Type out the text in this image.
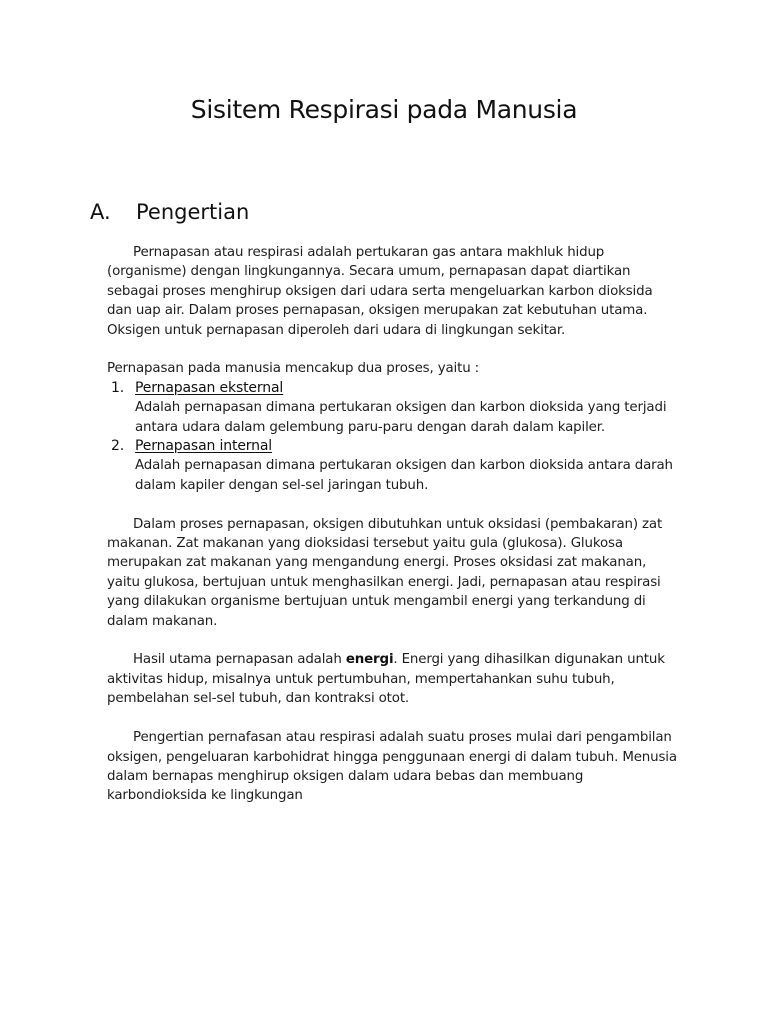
Sisitem Respirasi pada Manusia
A. Pengertian

Pernapasan atau respirasi adalah pertukaran gas antara makhluk hidup (organisme) dengan lingkungannya. Secara umum, pernapasan dapat diartikan sebagai proses menghirup oksigen dari udara serta mengeluarkan karbon dioksida dan uap air. Dalam proses pernapasan, oksigen merupakan zat kebutuhan utama. Oksigen untuk pernapasan diperoleh dari udara di lingkungan sekitar.

Pernapasan pada manusia mencakup dua proses, yaitu :

1. Pernapasan eksternal
Adalah pernapasan dimana pertukaran oksigen dan karbon dioksida yang terjadi antara udara dalam gelembung paru-paru dengan darah dalam kapiler.
2. Pernapasan internal
Adalah pernapasan dimana pertukaran oksigen dan karbon dioksida antara darah dalam kapiler dengan sel-sel jaringan tubuh.

Dalam proses pernapasan, oksigen dibutuhkan untuk oksidasi (pembakaran) zat makanan. Zat makanan yang dioksidasi tersebut yaitu gula (glukosa). Glukosa merupakan zat makanan yang mengandung energi. Proses oksidasi zat makanan, yaitu glukosa, bertujuan untuk menghasilkan energi. Jadi, pernapasan atau respirasi yang dilakukan organisme bertujuan untuk mengambil energi yang terkandung di dalam makanan.

Hasil utama pernapasan adalah energi. Energi yang dihasilkan digunakan untuk aktivitas hidup, misalnya untuk pertumbuhan, mempertahankan suhu tubuh, pembelahan sel-sel tubuh, dan kontraksi otot.

Pengertian pernafasan atau respirasi adalah suatu proses mulai dari pengambilan oksigen, pengeluaran karbohidrat hingga penggunaan energi di dalam tubuh. Menusia dalam bernapas menghirup oksigen dalam udara bebas dan membuang karbondioksida ke lingkungan
